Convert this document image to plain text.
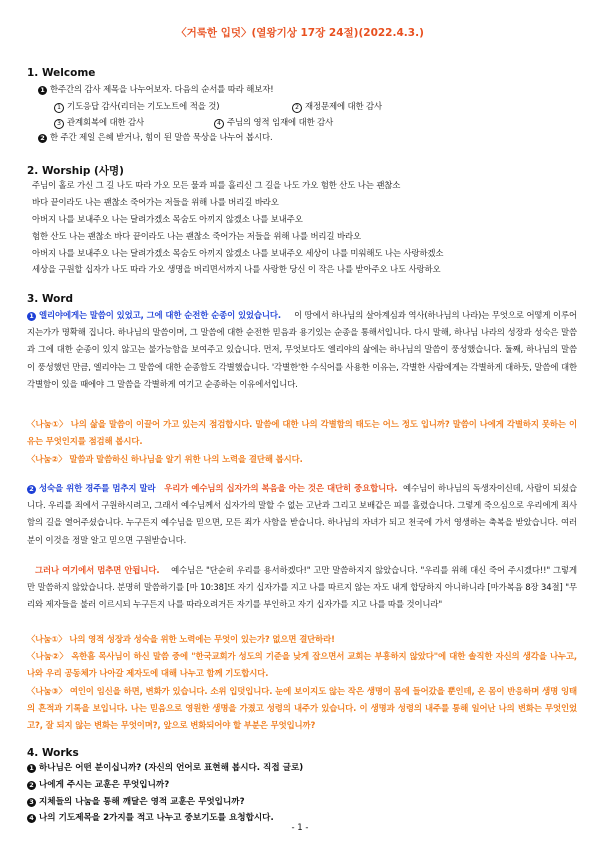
〈거룩한 입덧〉(열왕기상 17장 24절)(2022.4.3.)
1. Welcome
1 한주간의 감사 제목을 나누어보자. 다음의 순서를 따라 해보자!
1 기도응답 감사(리더는 기도노트에 적을 것)	2 재정문제에 대한 감사
3 관계회복에 대한 감사	4 주님의 영적 임재에 대한 감사
2 한 주간 제일 은혜 받거나, 힘이 된 말씀 묵상을 나누어 봅시다.
2. Worship (사명)
주님이 홀로 가신 그 길 나도 따라 가오 모든 물과 피를 흘리신 그 길을 나도 가오 험한 산도 나는 괜찮소
바다 끝이라도 나는 괜찮소 죽어가는 저들을 위해 나를 버리길 바라오
아버지 나를 보내주오 나는 달려가겠소 목숨도 아끼지 않겠소 나를 보내주오
험한 산도 나는 괜찮소 바다 끝이라도 나는 괜찮소 죽어가는 저들을 위해 나를 버리길 바라오
아버지 나를 보내주오 나는 달려가겠소 목숨도 아끼지 않겠소 나를 보내주오 세상이 나를 미워해도 나는 사랑하겠소
세상을 구원할 십자가 나도 따라 가오 생명을 버리면서까지 나를 사랑한 당신 이 작은 나를 받아주오 나도 사랑하오
3. Word
1 엘리야에게는 말씀이 있었고, 그에 대한 순전한 순종이 있었습니다. 이 땅에서 하나님의 살아계심과 역사(하나님의 나라)는 무엇으로 어떻게 이루어지는가가 명확해 집니다. 하나님의 말씀이며, 그 말씀에 대한 순전한 믿음과 용기있는 순종을 통해서입니다. 다시 말해, 하나님 나라의 성장과 성숙은 말씀과 그에 대한 순종이 있지 않고는 불가능함을 보여주고 있습니다. 먼저, 무엇보다도 엘리야의 삶에는 하나님의 말씀이 풍성했습니다. 둘째, 하나님의 말씀이 풍성했던 만큼, 엘리야는 그 말씀에 대한 순종함도 각별했습니다. '각별한'한 수식어를 사용한 이유는, 각별한 사람에게는 각별하게 대하듯, 말씀에 대한 각별함이 있을 때에야 그 말씀을 각별하게 여기고 순종하는 이유에서입니다.
〈나눔①〉 나의 삶을 말씀이 이끌어 가고 있는지 점검합시다. 말씀에 대한 나의 각별함의 태도는 어느 정도 입니까? 말씀이 나에게 각별하지 못하는 이유는 무엇인지를 점검해 봅시다.
〈나눔②〉 말씀과 말씀하신 하나님을 알기 위한 나의 노력을 결단해 봅시다.
2 성숙을 위한 경주를 멈추지 말라 우리가 예수님의 십자가의 복음을 아는 것은 대단히 중요합니다. 예수님이 하나님의 독생자이신데, 사람이 되셨습니다. 우리를 죄에서 구원하시려고, 그래서 예수님께서 십자가의 말할 수 없는 고난과 그리고 보배같은 피를 흘렸습니다. 그렇게 죽으심으로 우리에게 죄사함의 길을 열어주셨습니다. 누구든지 예수님을 믿으면, 모든 죄가 사함을 받습니다. 하나님의 자녀가 되고 천국에 가서 영생하는 축복을 받았습니다. 여러분이 이것을 정말 알고 믿으면 구원받습니다.
그러나 여기에서 멈추면 안됩니다. 예수님은 "단순히 우리를 용서하겠다!" 고만 말씀하지지 않았습니다. "우리를 위해 대신 죽어 주시겠다!!" 그렇게만 말씀하지 않았습니다. 분명히 말씀하기를 [마 10:38]또 자기 십자가를 지고 나를 따르지 않는 자도 내게 합당하지 아니하니라 [마가복음 8장 34절] "무리와 제자들을 불러 이르시되 누구든지 나를 따라오려거든 자기를 부인하고 자기 십자가를 지고 나를 따를 것이니라"
〈나눔①〉 나의 영적 성장과 성숙을 위한 노력에는 무엇이 있는가? 없으면 결단하라!
〈나눔②〉 옥한흠 목사님이 하신 말씀 중에 "한국교회가 성도의 기준을 낮게 잡으면서 교회는 부흥하지 않았다"에 대한 솔직한 자신의 생각을 나누고, 나와 우리 공동체가 나아갈 제자도에 대해 나누고 함께 기도합시다.
〈나눔③〉 여인이 임신을 하면, 변화가 있습니다. 소위 입덧입니다. 눈에 보이지도 않는 작은 생명이 몸에 들어갔을 뿐인데, 온 몸이 반응하며 생명 잉태의 흔적과 기록을 보입니다. 나는 믿음으로 영원한 생명을 가졌고 성령의 내주가 있습니다. 이 생명과 성령의 내주를 통해 일어난 나의 변화는 무엇인었고?, 잘 되지 않는 변화는 무엇이며?, 앞으로 변화되어야 할 부분은 무엇입니까?
4. Works
1 하나님은 어떤 분이십니까? (자신의 언어로 표현해 봅시다. 직접 글로)
2 나에게 주시는 교훈은 무엇입니까?
3 지체들의 나눔을 통해 깨달은 영적 교훈은 무엇입니까?
4 나의 기도제목을 2가지를 적고 나누고 중보기도를 요청합시다.
- 1 -
